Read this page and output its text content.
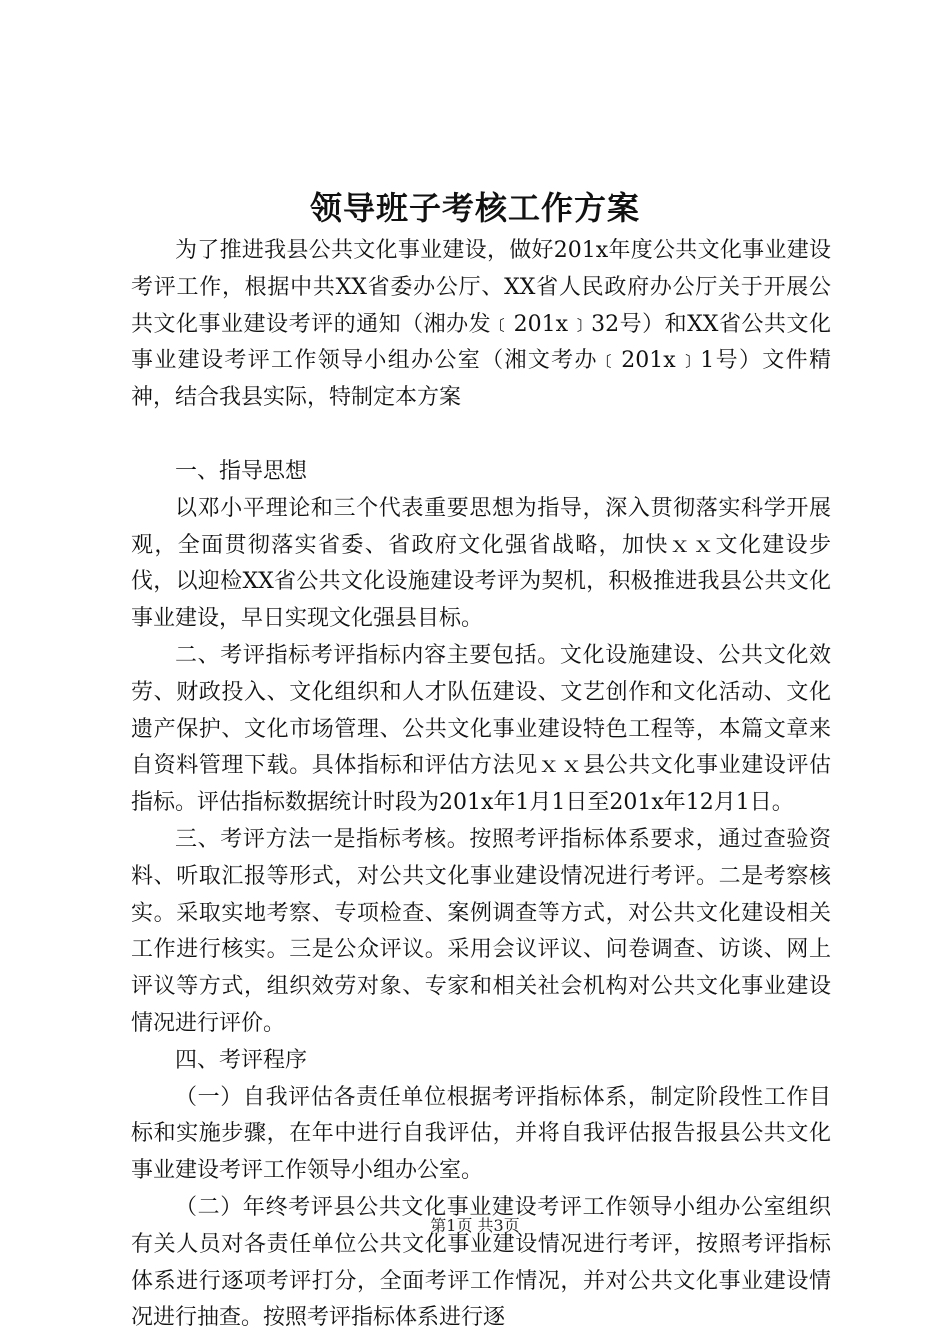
领导班子考核工作方案

为了推进我县公共文化事业建设，做好201x年度公共文化事业建设考评工作，根据中共XX省委办公厅、XX省人民政府办公厅关于开展公共文化事业建设考评的通知（湘办发﹝201x﹞32号）和XX省公共文化事业建设考评工作领导小组办公室（湘文考办﹝201x﹞1号）文件精神，结合我县实际，特制定本方案

一、指导思想

以邓小平理论和三个代表重要思想为指导，深入贯彻落实科学开展观，全面贯彻落实省委、省政府文化强省战略，加快ｘｘ文化建设步伐，以迎检XX省公共文化设施建设考评为契机，积极推进我县公共文化事业建设，早日实现文化强县目标。

二、考评指标考评指标内容主要包括。文化设施建设、公共文化效劳、财政投入、文化组织和人才队伍建设、文艺创作和文化活动、文化遗产保护、文化市场管理、公共文化事业建设特色工程等，本篇文章来自资料管理下载。具体指标和评估方法见ｘｘ县公共文化事业建设评估指标。评估指标数据统计时段为201x年1月1日至201x年12月1日。

三、考评方法一是指标考核。按照考评指标体系要求，通过查验资料、听取汇报等形式，对公共文化事业建设情况进行考评。二是考察核实。采取实地考察、专项检查、案例调查等方式，对公共文化建设相关工作进行核实。三是公众评议。采用会议评议、问卷调查、访谈、网上评议等方式，组织效劳对象、专家和相关社会机构对公共文化事业建设情况进行评价。

四、考评程序

（一）自我评估各责任单位根据考评指标体系，制定阶段性工作目标和实施步骤，在年中进行自我评估，并将自我评估报告报县公共文化事业建设考评工作领导小组办公室。

（二）年终考评县公共文化事业建设考评工作领导小组办公室组织有关人员对各责任单位公共文化事业建设情况进行考评，按照考评指标体系进行逐项考评打分，全面考评工作情况，并对公共文化事业建设情况进行抽查。按照考评指标体系进行逐

第1页 共3页
